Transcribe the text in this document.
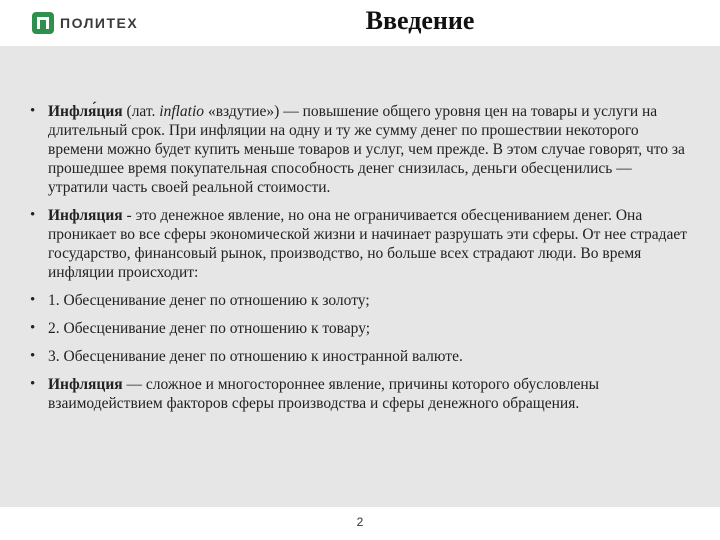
ПОЛИТЕХ	Введение
• Инфля́ция (лат. inflatio «вздутие») — повышение общего уровня цен на товары и услуги на длительный срок. При инфляции на одну и ту же сумму денег по прошествии некоторого времени можно будет купить меньше товаров и услуг, чем прежде. В этом случае говорят, что за прошедшее время покупательная способность денег снизилась, деньги обесценились — утратили часть своей реальной стоимости.
• Инфляция - это денежное явление, но она не ограничивается обесцениванием денег. Она проникает во все сферы экономической жизни и начинает разрушать эти сферы. От нее страдает государство, финансовый рынок, производство, но больше всех страдают люди. Во время инфляции происходит:
• 1. Обесценивание денег по отношению к золоту;
• 2. Обесценивание денег по отношению к товару;
• 3. Обесценивание денег по отношению к иностранной валюте.
• Инфляция — сложное и многостороннее явление, причины которого обусловлены взаимодействием факторов сферы производства и сферы денежного обращения.
2
